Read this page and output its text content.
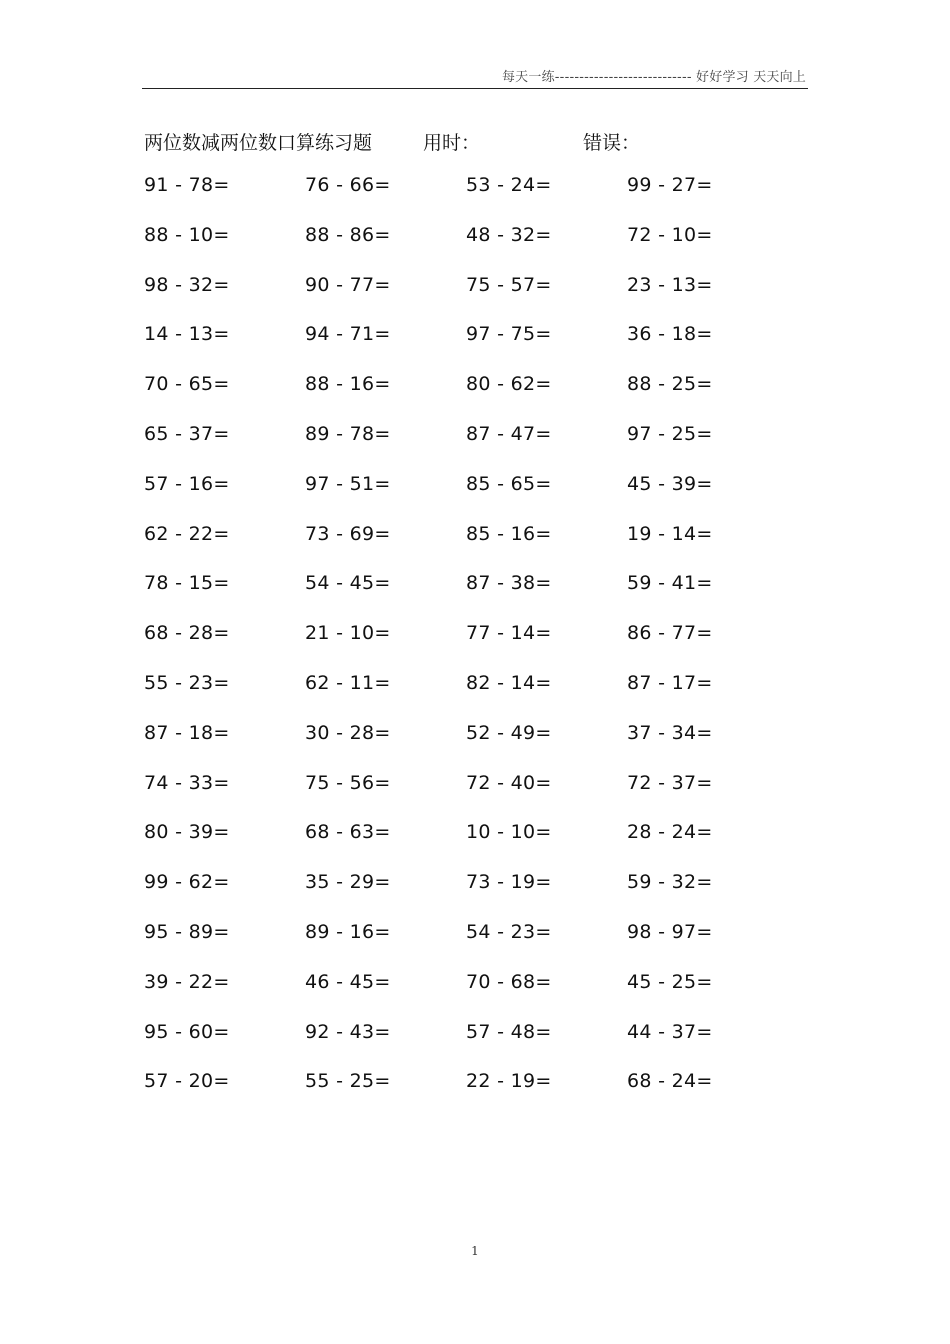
每天一练---------------------------- 好好学习 天天向上
两位数减两位数口算练习题	用时：	错误：
91 - 78=	76 - 66=	53 - 24=	99 - 27=
88 - 10=	88 - 86=	48 - 32=	72 - 10=
98 - 32=	90 - 77=	75 - 57=	23 - 13=
14 - 13=	94 - 71=	97 - 75=	36 - 18=
70 - 65=	88 - 16=	80 - 62=	88 - 25=
65 - 37=	89 - 78=	87 - 47=	97 - 25=
57 - 16=	97 - 51=	85 - 65=	45 - 39=
62 - 22=	73 - 69=	85 - 16=	19 - 14=
78 - 15=	54 - 45=	87 - 38=	59 - 41=
68 - 28=	21 - 10=	77 - 14=	86 - 77=
55 - 23=	62 - 11=	82 - 14=	87 - 17=
87 - 18=	30 - 28=	52 - 49=	37 - 34=
74 - 33=	75 - 56=	72 - 40=	72 - 37=
80 - 39=	68 - 63=	10 - 10=	28 - 24=
99 - 62=	35 - 29=	73 - 19=	59 - 32=
95 - 89=	89 - 16=	54 - 23=	98 - 97=
39 - 22=	46 - 45=	70 - 68=	45 - 25=
95 - 60=	92 - 43=	57 - 48=	44 - 37=
57 - 20=	55 - 25=	22 - 19=	68 - 24=
1
